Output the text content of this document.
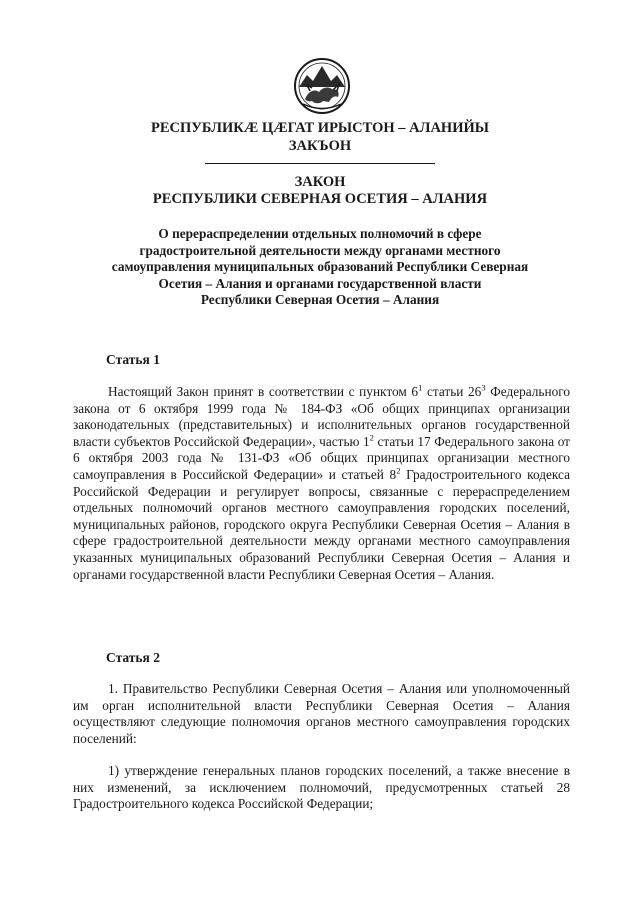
РЕСПУБЛИКӔ ЦӔГАТ ИРЫСТОН – АЛАНИЙЫ
ЗАКЪОН
ЗАКОН
РЕСПУБЛИКИ СЕВЕРНАЯ ОСЕТИЯ – АЛАНИЯ
О перераспределении отдельных полномочий в сфере
градостроительной деятельности между органами местного
самоуправления муниципальных образований Республики Северная
Осетия – Алания и органами государственной власти
Республики Северная Осетия – Алания
Статья 1
Настоящий Закон принят в соответствии с пунктом $6^1$ статьи $26^3$ Федерального закона от 6 октября 1999 года № 184-ФЗ «Об общих принципах организации законодательных (представительных) и исполнительных органов государственной власти субъектов Российской Федерации», частью $1^2$ статьи 17 Федерального закона от 6 октября 2003 года № 131-ФЗ «Об общих принципах организации местного самоуправления в Российской Федерации» и статьей $8^2$ Градостроительного кодекса Российской Федерации и регулирует вопросы, связанные с перераспределением отдельных полномочий органов местного самоуправления городских поселений, муниципальных районов, городского округа Республики Северная Осетия – Алания в сфере градостроительной деятельности между органами местного самоуправления указанных муниципальных образований Республики Северная Осетия – Алания и органами государственной власти Республики Северная Осетия – Алания.
Статья 2
1. Правительство Республики Северная Осетия – Алания или уполномоченный им орган исполнительной власти Республики Северная Осетия – Алания осуществляют следующие полномочия органов местного самоуправления городских поселений:
1) утверждение генеральных планов городских поселений, а также внесение в них изменений, за исключением полномочий, предусмотренных статьей 28 Градостроительного кодекса Российской Федерации;
